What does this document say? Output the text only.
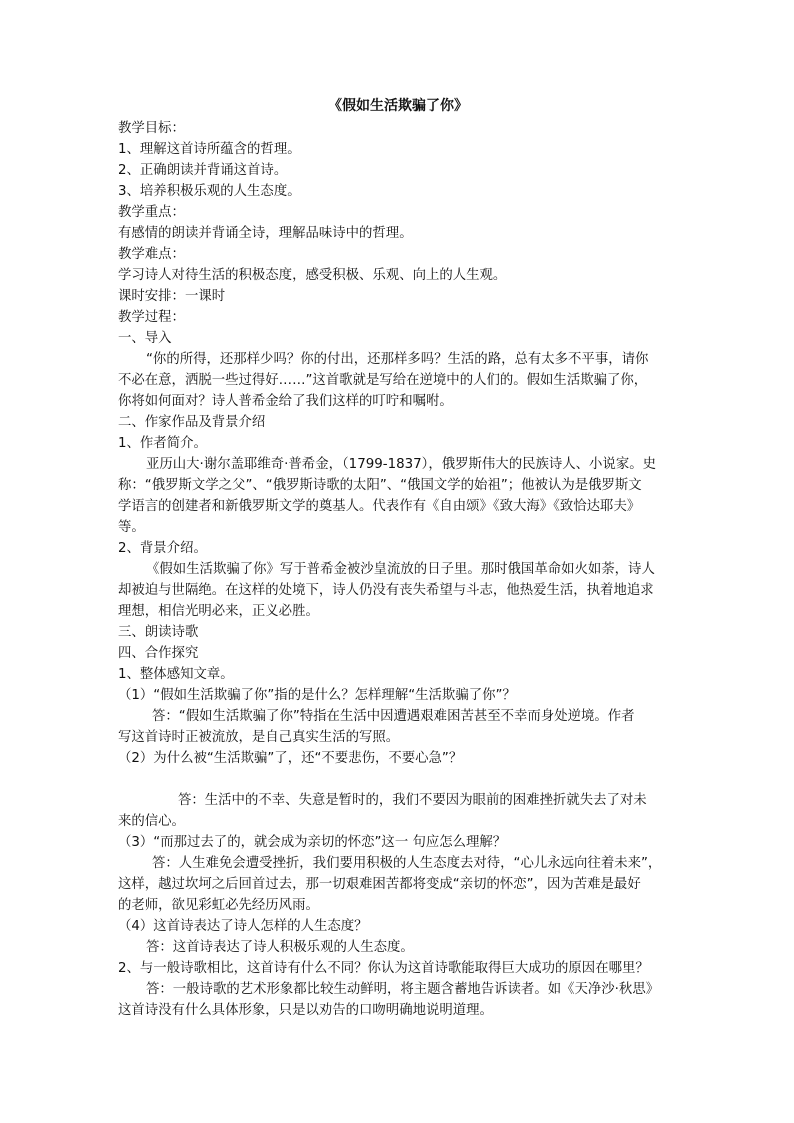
《假如生活欺骗了你》
教学目标：
1、理解这首诗所蕴含的哲理。
2、正确朗读并背诵这首诗。
3、培养积极乐观的人生态度。
教学重点：
有感情的朗读并背诵全诗，理解品味诗中的哲理。
教学难点：
学习诗人对待生活的积极态度，感受积极、乐观、向上的人生观。
课时安排：一课时
教学过程：
一、导入
“你的所得，还那样少吗？你的付出，还那样多吗？生活的路，总有太多不平事，请你
不必在意，洒脱一些过得好……”这首歌就是写给在逆境中的人们的。假如生活欺骗了你，
你将如何面对？诗人普希金给了我们这样的叮咛和嘱咐。
二、作家作品及背景介绍
1、作者简介。
亚历山大·谢尔盖耶维奇·普希金，（1799-1837），俄罗斯伟大的民族诗人、小说家。史
称：“俄罗斯文学之父”、“俄罗斯诗歌的太阳”、“俄国文学的始祖”；他被认为是俄罗斯文
学语言的创建者和新俄罗斯文学的奠基人。代表作有《自由颂》《致大海》《致恰达耶夫》
等。
2、背景介绍。
《假如生活欺骗了你》写于普希金被沙皇流放的日子里。那时俄国革命如火如荼，诗人
却被迫与世隔绝。在这样的处境下，诗人仍没有丧失希望与斗志，他热爱生活，执着地追求
理想，相信光明必来，正义必胜。
三、朗读诗歌
四、合作探究
1、整体感知文章。
（1）“假如生活欺骗了你”指的是什么？怎样理解“生活欺骗了你”？
答：“假如生活欺骗了你”特指在生活中因遭遇艰难困苦甚至不幸而身处逆境。作者
写这首诗时正被流放，是自己真实生活的写照。
（2）为什么被“生活欺骗”了，还“不要悲伤，不要心急”？
答：生活中的不幸、失意是暂时的，我们不要因为眼前的困难挫折就失去了对未
来的信心。
（3）“而那过去了的，就会成为亲切的怀恋”这一 句应怎么理解？
答：人生难免会遭受挫折，我们要用积极的人生态度去对待，“心儿永远向往着未来”，
这样，越过坎坷之后回首过去，那一切艰难困苦都将变成“亲切的怀恋”，因为苦难是最好
的老师，欲见彩虹必先经历风雨。
（4）这首诗表达了诗人怎样的人生态度？
答：这首诗表达了诗人积极乐观的人生态度。
2、与一般诗歌相比，这首诗有什么不同？你认为这首诗歌能取得巨大成功的原因在哪里？
答：一般诗歌的艺术形象都比较生动鲜明，将主题含蓄地告诉读者。如《天净沙·秋思》
这首诗没有什么具体形象，只是以劝告的口吻明确地说明道理。
